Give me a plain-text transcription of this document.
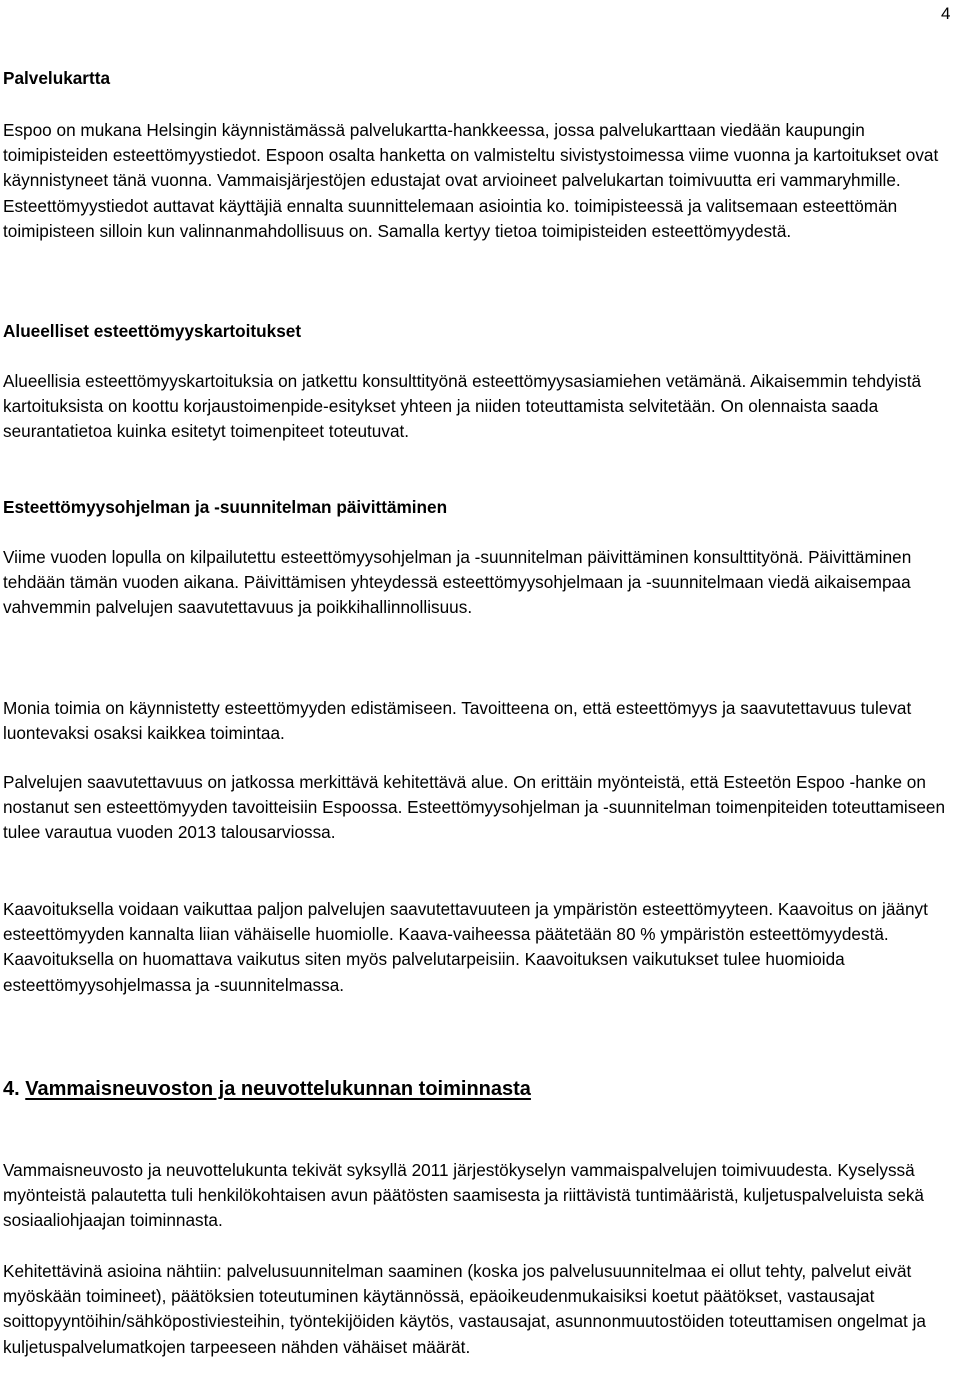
4

Palvelukartta

Espoo on mukana Helsingin käynnistämässä palvelukartta-hankkeessa, jossa palvelukarttaan viedään kaupungin toimipisteiden esteettömyystiedot. Espoon osalta hanketta on valmisteltu sivistystoimessa viime vuonna ja kartoitukset ovat käynnistyneet tänä vuonna. Vammaisjärjestöjen edustajat ovat arvioineet palvelukartan toimivuutta eri vammaryhmille. Esteettömyystiedot auttavat käyttäjiä ennalta suunnittelemaan asiointia ko. toimipisteessä ja valitsemaan esteettömän toimipisteen silloin kun valinnanmahdollisuus on. Samalla kertyy tietoa toimipisteiden esteettömyydestä.

Alueelliset esteettömyyskartoitukset

Alueellisia esteettömyyskartoituksia on jatkettu konsulttityönä esteettömyysasiamiehen vetämänä. Aikaisemmin tehdyistä kartoituksista on koottu korjaustoimenpide-esitykset yhteen ja niiden toteuttamista selvitetään. On olennaista saada seurantatietoa kuinka esitetyt toimenpiteet toteutuvat.

Esteettömyysohjelman ja -suunnitelman päivittäminen

Viime vuoden lopulla on kilpailutettu esteettömyysohjelman ja -suunnitelman päivittäminen konsulttityönä. Päivittäminen tehdään tämän vuoden aikana. Päivittämisen yhteydessä esteettömyysohjelmaan ja -suunnitelmaan viedä aikaisempaa vahvemmin palvelujen saavutettavuus ja poikkihallinnollisuus.

Monia toimia on käynnistetty esteettömyyden edistämiseen. Tavoitteena on, että esteettömyys ja saavutettavuus tulevat luontevaksi osaksi kaikkea toimintaa.

Palvelujen saavutettavuus on jatkossa merkittävä kehitettävä alue. On erittäin myönteistä, että Esteetön Espoo -hanke on nostanut sen esteettömyyden tavoitteisiin Espoossa. Esteettömyysohjelman ja -suunnitelman toimenpiteiden toteuttamiseen tulee varautua vuoden 2013 talousarviossa.

Kaavoituksella voidaan vaikuttaa paljon palvelujen saavutettavuuteen ja ympäristön esteettömyyteen. Kaavoitus on jäänyt esteettömyyden kannalta liian vähäiselle huomiolle. Kaava-vaiheessa päätetään 80 % ympäristön esteettömyydestä. Kaavoituksella on huomattava vaikutus siten myös palvelutarpeisiin. Kaavoituksen vaikutukset tulee huomioida esteettömyysohjelmassa ja -suunnitelmassa.

4. Vammaisneuvoston ja neuvottelukunnan toiminnasta

Vammaisneuvosto ja neuvottelukunta tekivät syksyllä 2011 järjestökyselyn vammaispalvelujen toimivuudesta. Kyselyssä myönteistä palautetta tuli henkilökohtaisen avun päätösten saamisesta ja riittävistä tuntimääristä, kuljetuspalveluista sekä sosiaaliohjaajan toiminnasta.

Kehitettävinä asioina nähtiin: palvelusuunnitelman saaminen (koska jos palvelusuunnitelmaa ei ollut tehty, palvelut eivät myöskään toimineet), päätöksien toteutuminen käytännössä, epäoikeudenmukaisiksi koetut päätökset, vastausajat soittopyyntöihin/sähköpostiviesteihin, työntekijöiden käytös, vastausajat, asunnonmuutostöiden toteuttamisen ongelmat ja kuljetuspalvelumatkojen tarpeeseen nähden vähäiset määrät.
